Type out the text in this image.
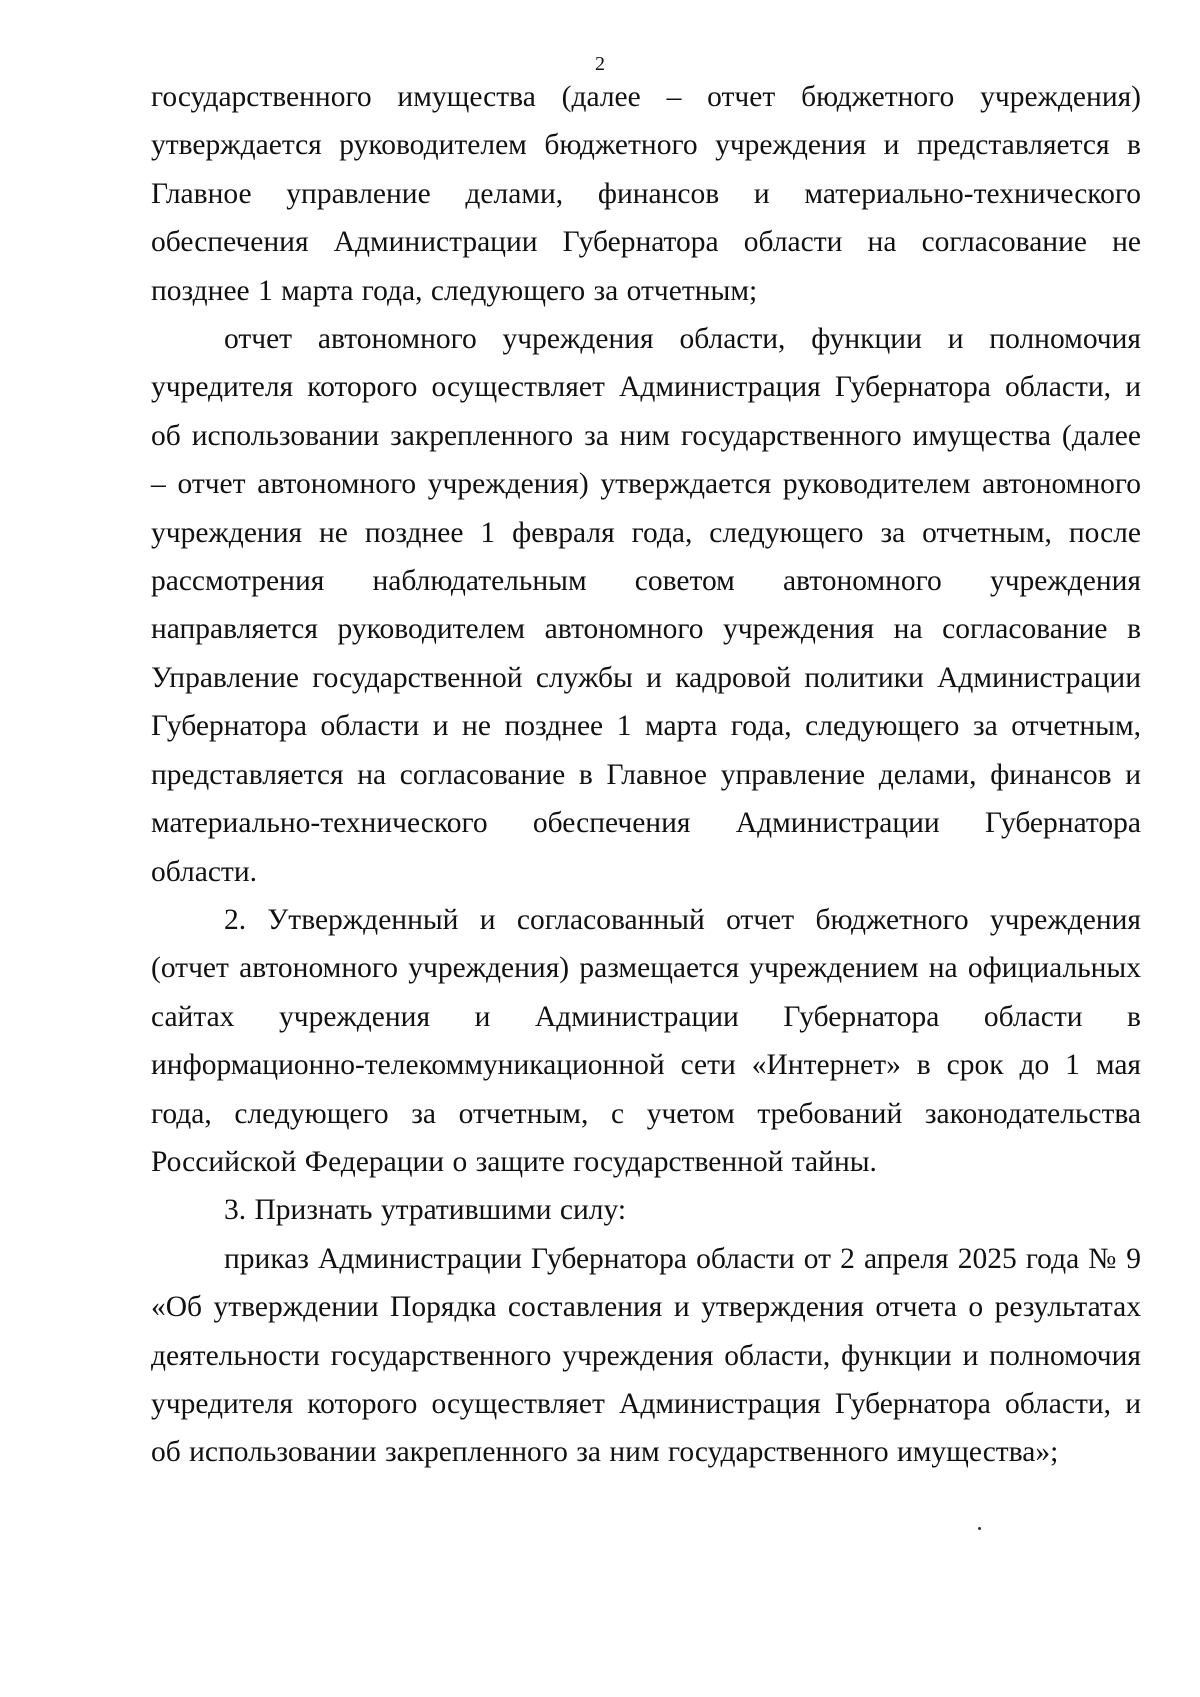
2

государственного имущества (далее – отчет бюджетного учреждения) утверждается руководителем бюджетного учреждения и представляется в Главное управление делами, финансов и материально-технического обеспечения Администрации Губернатора области на согласование не позднее 1 марта года, следующего за отчетным;

отчет автономного учреждения области, функции и полномочия учредителя которого осуществляет Администрация Губернатора области, и об использовании закрепленного за ним государственного имущества (далее – отчет автономного учреждения) утверждается руководителем автономного учреждения не позднее 1 февраля года, следующего за отчетным, после рассмотрения наблюдательным советом автономного учреждения направляется руководителем автономного учреждения на согласование в Управление государственной службы и кадровой политики Администрации Губернатора области и не позднее 1 марта года, следующего за отчетным, представляется на согласование в Главное управление делами, финансов и материально-технического обеспечения Администрации Губернатора области.

2. Утвержденный и согласованный отчет бюджетного учреждения (отчет автономного учреждения) размещается учреждением на официальных сайтах учреждения и Администрации Губернатора области в информационно-телекоммуникационной сети «Интернет» в срок до 1 мая года, следующего за отчетным, с учетом требований законодательства Российской Федерации о защите государственной тайны.

3. Признать утратившими силу:

приказ Администрации Губернатора области от 2 апреля 2025 года № 9 «Об утверждении Порядка составления и утверждения отчета о результатах деятельности государственного учреждения области, функции и полномочия учредителя которого осуществляет Администрация Губернатора области, и об использовании закрепленного за ним государственного имущества»;
